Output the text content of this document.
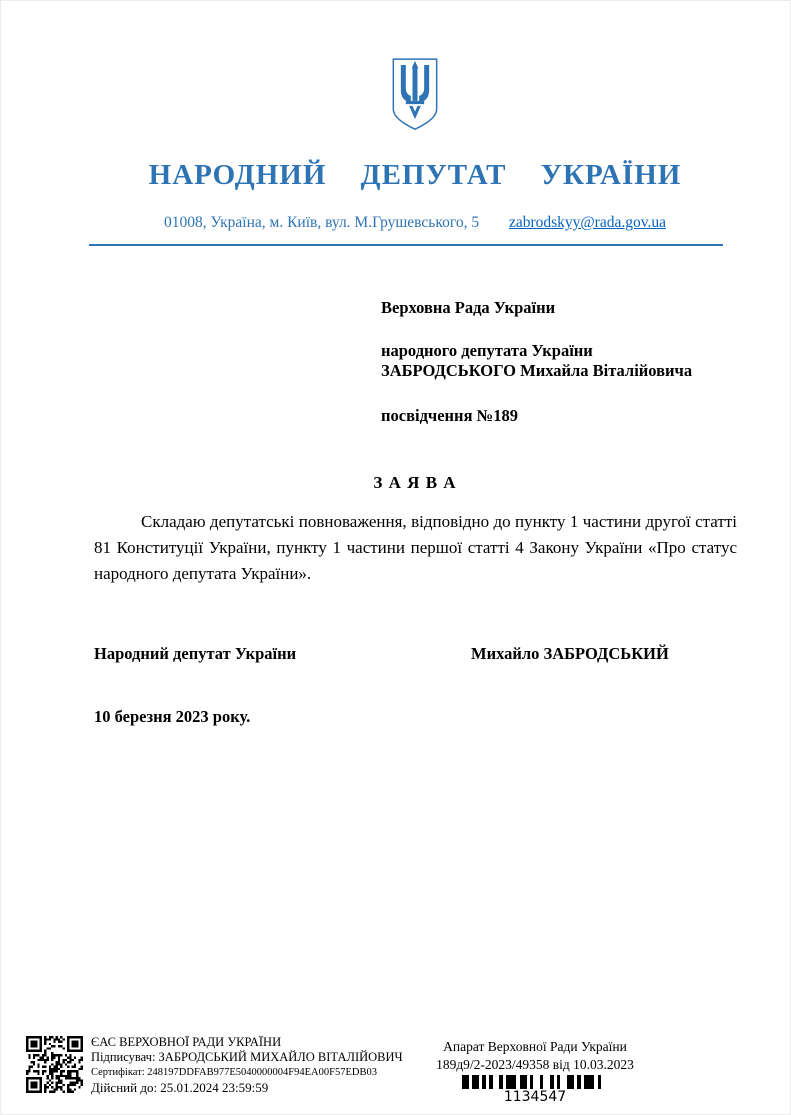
НАРОДНИЙ ДЕПУТАТ УКРАЇНИ
01008, Україна, м. Київ, вул. М.Грушевського, 5 zabrodskyy@rada.gov.ua
Верховна Рада України
народного депутата України
ЗАБРОДСЬКОГО Михайла Віталійовича
посвідчення №189
З А Я В А
Складаю депутатські повноваження, відповідно до пункту 1 частини другої статті 81 Конституції України, пункту 1 частини першої статті 4 Закону України «Про статус народного депутата України».
Народний депутат України	Михайло ЗАБРОДСЬКИЙ
10 березня 2023 року.
ЄАС ВЕРХОВНОЇ РАДИ УКРАЇНИ
Підписувач: ЗАБРОДСЬКИЙ МИХАЙЛО ВІТАЛІЙОВИЧ
Сертифікат: 248197DDFAB977E5040000004F94EA00F57EDB03
Дійсний до: 25.01.2024 23:59:59
Апарат Верховної Ради України
189д9/2-2023/49358 від 10.03.2023
1134547
